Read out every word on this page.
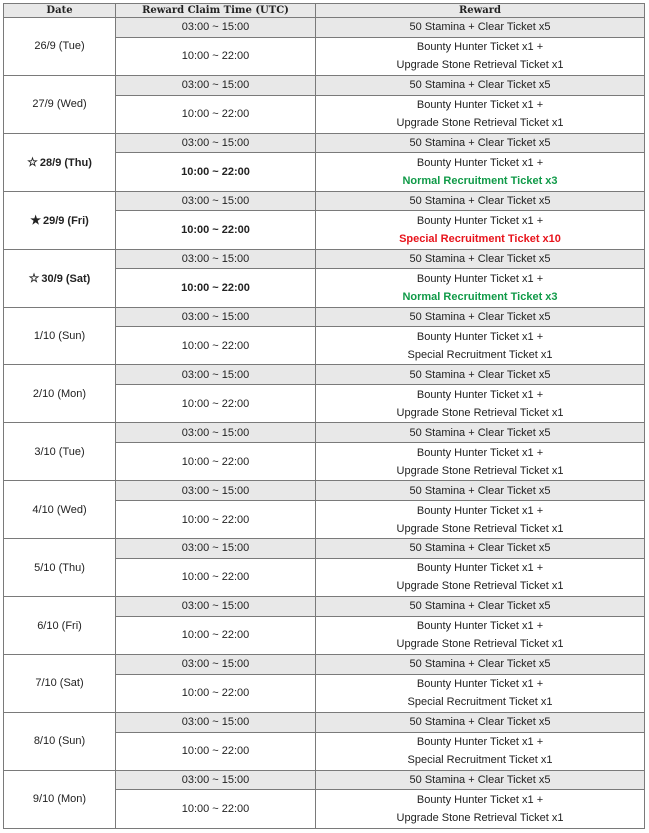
Date	Reward Claim Time (UTC)	Reward
26/9 (Tue)	03:00 ~ 15:00	50 Stamina + Clear Ticket x5
	10:00 ~ 22:00	Bounty Hunter Ticket x1 +
Upgrade Stone Retrieval Ticket x1

27/9 (Wed)	03:00 ~ 15:00	50 Stamina + Clear Ticket x5
	10:00 ~ 22:00	Bounty Hunter Ticket x1 +
Upgrade Stone Retrieval Ticket x1

☆ 28/9 (Thu)	03:00 ~ 15:00	50 Stamina + Clear Ticket x5
	10:00 ~ 22:00	Bounty Hunter Ticket x1 +
Normal Recruitment Ticket x3

★ 29/9 (Fri)	03:00 ~ 15:00	50 Stamina + Clear Ticket x5
	10:00 ~ 22:00	Bounty Hunter Ticket x1 +
Special Recruitment Ticket x10

☆ 30/9 (Sat)	03:00 ~ 15:00	50 Stamina + Clear Ticket x5
	10:00 ~ 22:00	Bounty Hunter Ticket x1 +
Normal Recruitment Ticket x3

1/10 (Sun)	03:00 ~ 15:00	50 Stamina + Clear Ticket x5
	10:00 ~ 22:00	Bounty Hunter Ticket x1 +
Special Recruitment Ticket x1

2/10 (Mon)	03:00 ~ 15:00	50 Stamina + Clear Ticket x5
	10:00 ~ 22:00	Bounty Hunter Ticket x1 +
Upgrade Stone Retrieval Ticket x1

3/10 (Tue)	03:00 ~ 15:00	50 Stamina + Clear Ticket x5
	10:00 ~ 22:00	Bounty Hunter Ticket x1 +
Upgrade Stone Retrieval Ticket x1

4/10 (Wed)	03:00 ~ 15:00	50 Stamina + Clear Ticket x5
	10:00 ~ 22:00	Bounty Hunter Ticket x1 +
Upgrade Stone Retrieval Ticket x1

5/10 (Thu)	03:00 ~ 15:00	50 Stamina + Clear Ticket x5
	10:00 ~ 22:00	Bounty Hunter Ticket x1 +
Upgrade Stone Retrieval Ticket x1

6/10 (Fri)	03:00 ~ 15:00	50 Stamina + Clear Ticket x5
	10:00 ~ 22:00	Bounty Hunter Ticket x1 +
Upgrade Stone Retrieval Ticket x1

7/10 (Sat)	03:00 ~ 15:00	50 Stamina + Clear Ticket x5
	10:00 ~ 22:00	Bounty Hunter Ticket x1 +
Special Recruitment Ticket x1

8/10 (Sun)	03:00 ~ 15:00	50 Stamina + Clear Ticket x5
	10:00 ~ 22:00	Bounty Hunter Ticket x1 +
Special Recruitment Ticket x1

9/10 (Mon)	03:00 ~ 15:00	50 Stamina + Clear Ticket x5
	10:00 ~ 22:00	Bounty Hunter Ticket x1 +
Upgrade Stone Retrieval Ticket x1
